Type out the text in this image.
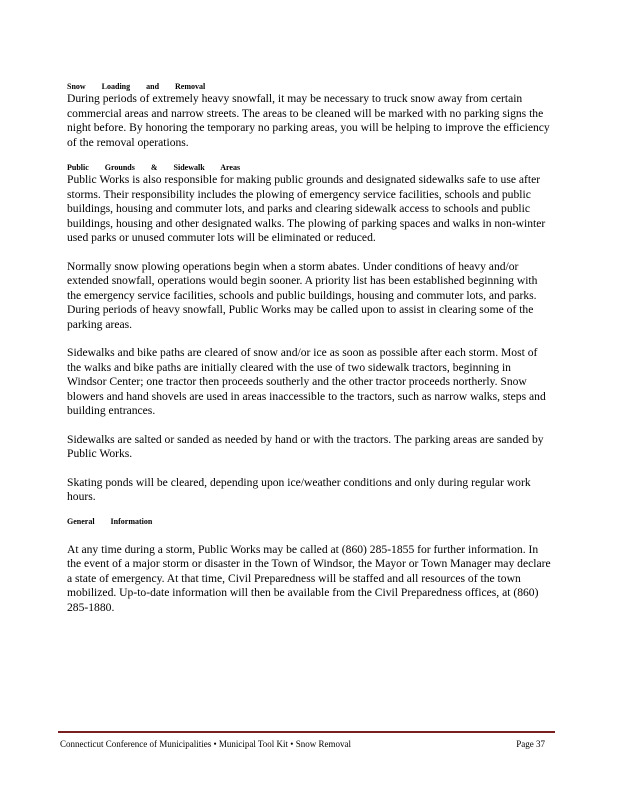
Snow Loading and Removal

During periods of extremely heavy snowfall, it may be necessary to truck snow away from certain commercial areas and narrow streets. The areas to be cleaned will be marked with no parking signs the night before. By honoring the temporary no parking areas, you will be helping to improve the efficiency of the removal operations.

Public Grounds & Sidewalk Areas

Public Works is also responsible for making public grounds and designated sidewalks safe to use after storms. Their responsibility includes the plowing of emergency service facilities, schools and public buildings, housing and commuter lots, and parks and clearing sidewalk access to schools and public buildings, housing and other designated walks. The plowing of parking spaces and walks in non-winter used parks or unused commuter lots will be eliminated or reduced.

Normally snow plowing operations begin when a storm abates. Under conditions of heavy and/or extended snowfall, operations would begin sooner. A priority list has been established beginning with the emergency service facilities, schools and public buildings, housing and commuter lots, and parks. During periods of heavy snowfall, Public Works may be called upon to assist in clearing some of the parking areas.

Sidewalks and bike paths are cleared of snow and/or ice as soon as possible after each storm. Most of the walks and bike paths are initially cleared with the use of two sidewalk tractors, beginning in Windsor Center; one tractor then proceeds southerly and the other tractor proceeds northerly. Snow blowers and hand shovels are used in areas inaccessible to the tractors, such as narrow walks, steps and building entrances.

Sidewalks are salted or sanded as needed by hand or with the tractors. The parking areas are sanded by Public Works.

Skating ponds will be cleared, depending upon ice/weather conditions and only during regular work hours.

General Information

At any time during a storm, Public Works may be called at (860) 285-1855 for further information. In the event of a major storm or disaster in the Town of Windsor, the Mayor or Town Manager may declare a state of emergency. At that time, Civil Preparedness will be staffed and all resources of the town mobilized. Up-to-date information will then be available from the Civil Preparedness offices, at (860) 285-1880.

Connecticut Conference of Municipalities • Municipal Tool Kit • Snow Removal	Page 37
